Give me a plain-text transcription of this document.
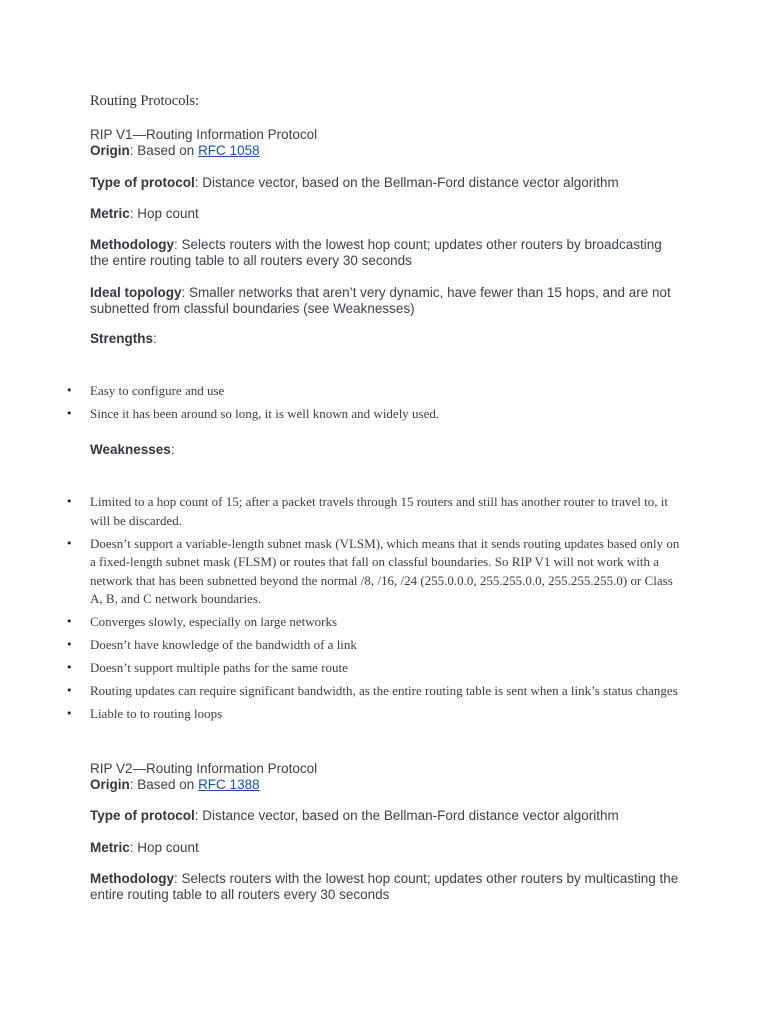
Routing Protocols:
RIP V1—Routing Information Protocol
Origin: Based on RFC 1058
Type of protocol: Distance vector, based on the Bellman-Ford distance vector algorithm
Metric: Hop count
Methodology: Selects routers with the lowest hop count; updates other routers by broadcasting the entire routing table to all routers every 30 seconds
Ideal topology: Smaller networks that aren’t very dynamic, have fewer than 15 hops, and are not subnetted from classful boundaries (see Weaknesses)
Strengths:
• Easy to configure and use
• Since it has been around so long, it is well known and widely used.
Weaknesses:
• Limited to a hop count of 15; after a packet travels through 15 routers and still has another router to travel to, it will be discarded.
• Doesn’t support a variable-length subnet mask (VLSM), which means that it sends routing updates based only on a fixed-length subnet mask (FLSM) or routes that fall on classful boundaries. So RIP V1 will not work with a network that has been subnetted beyond the normal /8, /16, /24 (255.0.0.0, 255.255.0.0, 255.255.255.0) or Class A, B, and C network boundaries.
• Converges slowly, especially on large networks
• Doesn’t have knowledge of the bandwidth of a link
• Doesn’t support multiple paths for the same route
• Routing updates can require significant bandwidth, as the entire routing table is sent when a link’s status changes
• Liable to to routing loops
RIP V2—Routing Information Protocol
Origin: Based on RFC 1388
Type of protocol: Distance vector, based on the Bellman-Ford distance vector algorithm
Metric: Hop count
Methodology: Selects routers with the lowest hop count; updates other routers by multicasting the entire routing table to all routers every 30 seconds
